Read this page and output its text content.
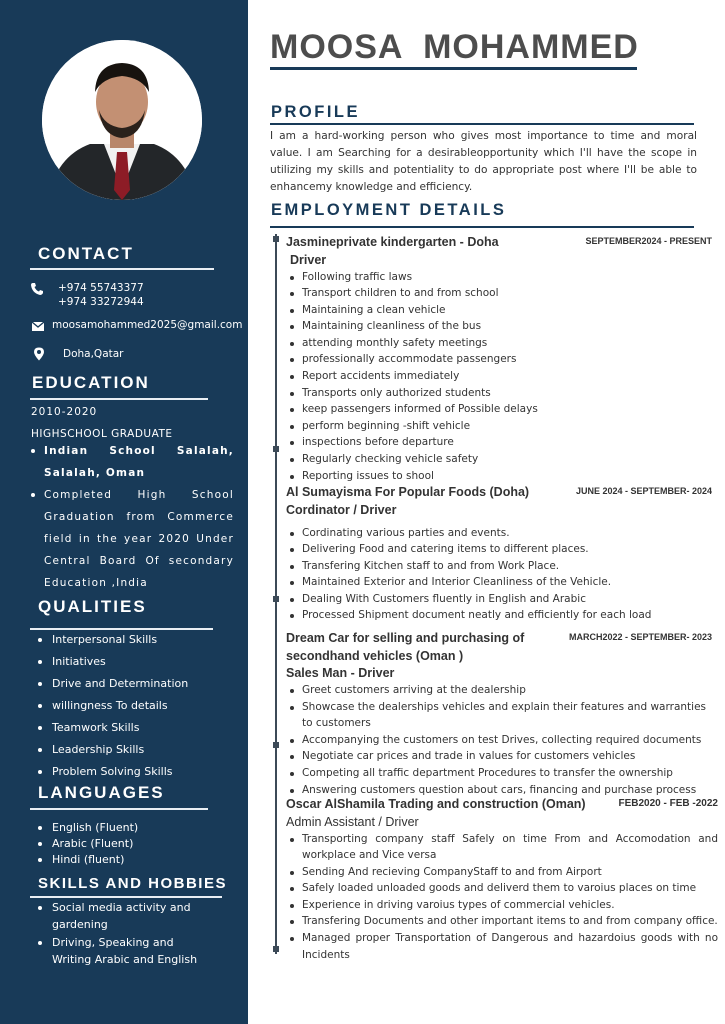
CONTACT
+974 55743377
+974 33272944
moosamohammed2025@gmail.com
Doha,Qatar
EDUCATION
2010-2020
HIGHSCHOOL GRADUATE
Indian School Salalah, Salalah, Oman
Completed High School Graduation from Commerce field in the year 2020 Under Central Board Of secondary Education ,India
QUALITIES
Interpersonal Skills
Initiatives
Drive and Determination
willingness To details
Teamwork Skills
Leadership Skills
Problem Solving Skills
LANGUAGES
English (Fluent)
Arabic (Fluent)
Hindi (fluent)
SKILLS AND HOBBIES
Social media activity and gardening
Driving, Speaking and Writing Arabic and English
MOOSA  MOHAMMED
PROFILE
I am a hard-working person who gives most importance to time and moral value. I am Searching for a desirableopportunity which I'll have the scope in utilizing my skills and potentiality to do appropriate post where I'll be able to enhancemy knowledge and efficiency.
EMPLOYMENT DETAILS
Jasmineprivate kindergarten - Doha	SEPTEMBER2024 - PRESENT
Driver
Following traffic laws
Transport children to and from school
Maintaining a clean vehicle
Maintaining cleanliness of the bus
attending monthly safety meetings
professionally accommodate passengers
Report accidents immediately
Transports only authorized students
keep passengers informed of Possible delays
perform beginning -shift vehicle
inspections before departure
Regularly checking vehicle safety
Reporting issues to shool
Al Sumayisma For Popular Foods (Doha)	JUNE 2024 - SEPTEMBER- 2024
Cordinator / Driver
Cordinating various parties and events.
Delivering Food and catering items to different places.
Transfering Kitchen staff to and from Work Place.
Maintained Exterior and Interior Cleanliness of the Vehicle.
Dealing With Customers fluently in English and Arabic
Processed Shipment document neatly and efficiently for each load
Dream Car for selling and purchasing of secondhand vehicles (Oman )
MARCH2022 - SEPTEMBER- 2023
Sales Man - Driver
Greet customers arriving at the dealership
Showcase the dealerships vehicles and explain their features and warranties to customers
Accompanying the customers on test Drives, collecting required documents
Negotiate car prices and trade in values for customers vehicles
Competing all traffic department Procedures to transfer the ownership
Answering customers question about cars, financing and purchase process
Oscar AlShamila Trading and construction (Oman)	FEB2020 - FEB -2022
Admin Assistant / Driver
Transporting company staff Safely on time From and Accomodation and workplace and Vice versa
Sending And recieving CompanyStaff to and from Airport
Safely loaded unloaded goods and deliverd them to varoius places on time
Experience in driving varoius types of commercial vehicles.
Transfering Documents and other important items to and from company office.
Managed proper Transportation of Dangerous and hazardoius goods with no Incidents
